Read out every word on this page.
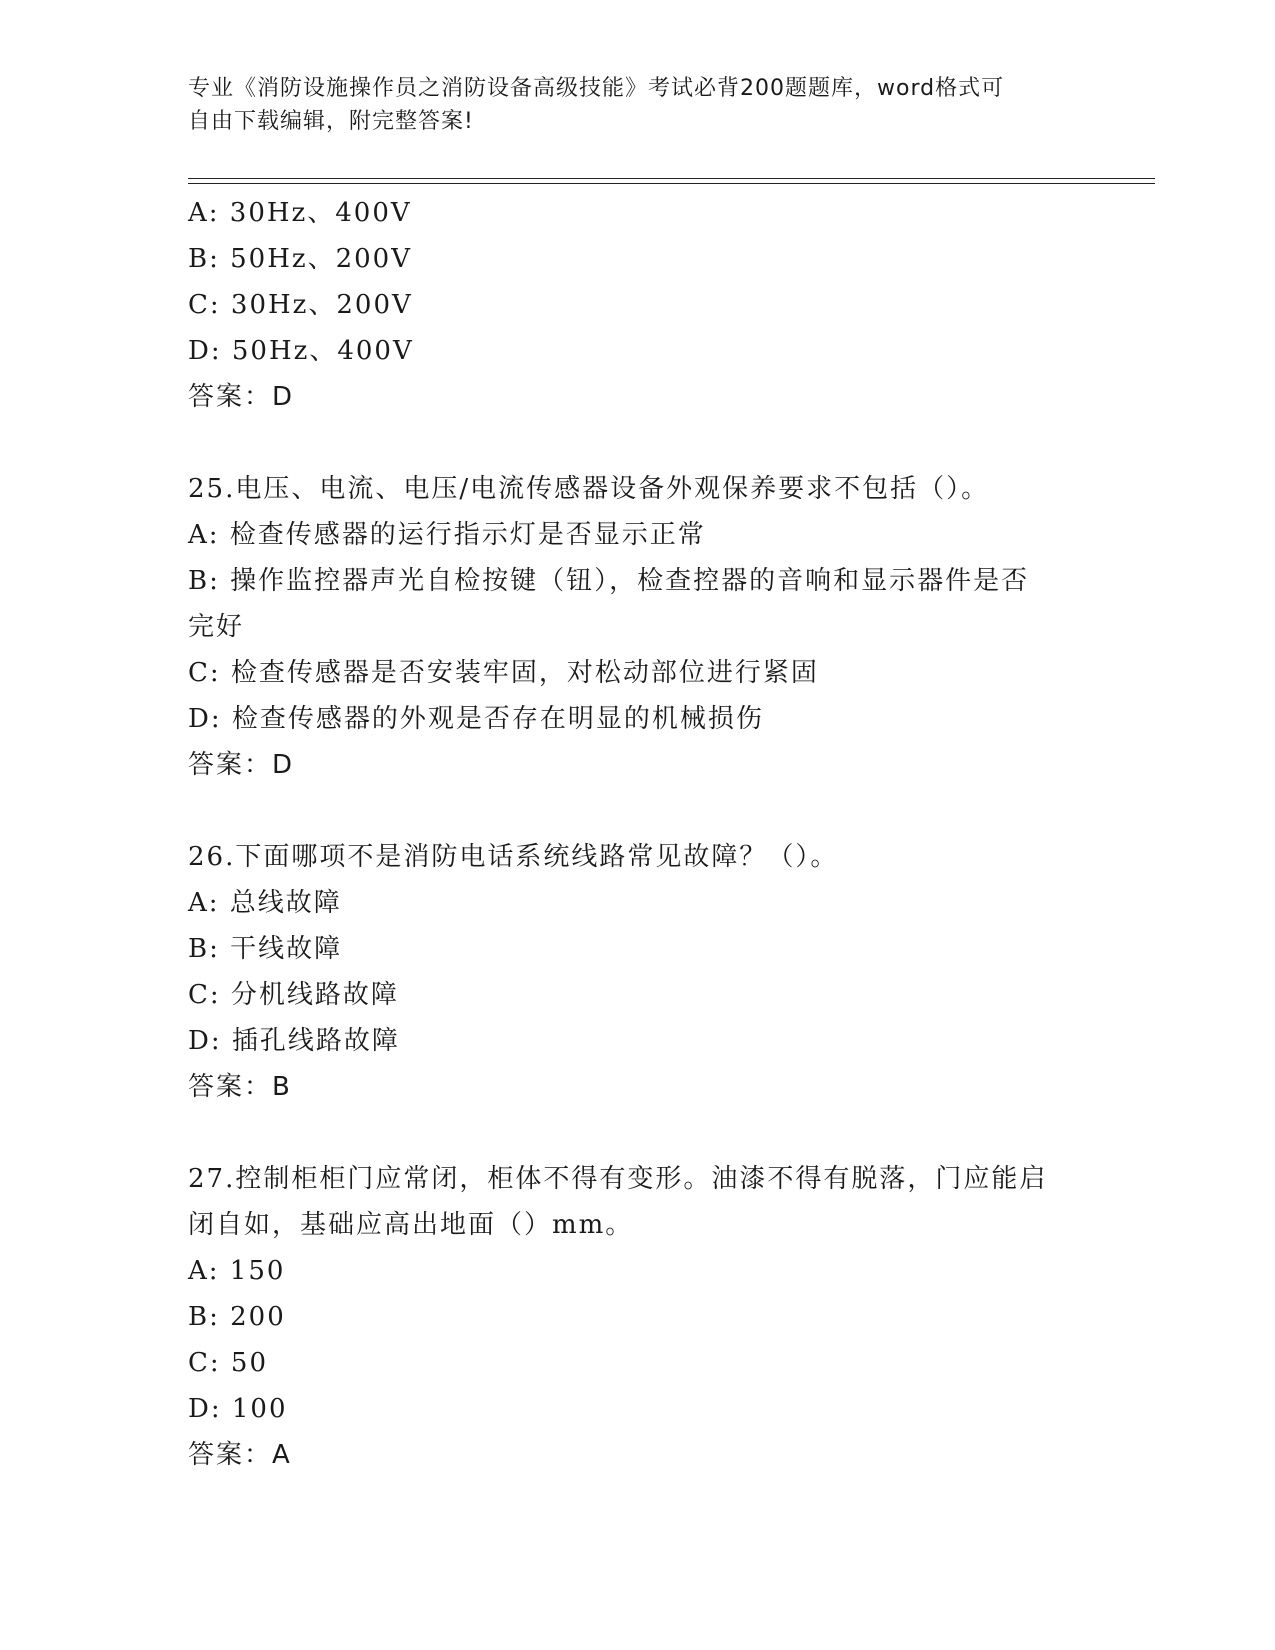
专业《消防设施操作员之消防设备高级技能》考试必背200题题库，word格式可
自由下载编辑，附完整答案!
A: 30Hz、400V
B: 50Hz、200V
C: 30Hz、200V
D: 50Hz、400V
答案：D
25.电压、电流、电压/电流传感器设备外观保养要求不包括（）。
A: 检查传感器的运行指示灯是否显示正常
B: 操作监控器声光自检按键（钮），检查控器的音响和显示器件是否
完好
C: 检查传感器是否安装牢固，对松动部位进行紧固
D: 检查传感器的外观是否存在明显的机械损伤
答案：D
26.下面哪项不是消防电话系统线路常见故障？（）。
A: 总线故障
B: 干线故障
C: 分机线路故障
D: 插孔线路故障
答案：B
27.控制柜柜门应常闭，柜体不得有变形。油漆不得有脱落，门应能启
闭自如，基础应高出地面（）mm。
A: 150
B: 200
C: 50
D: 100
答案：A
